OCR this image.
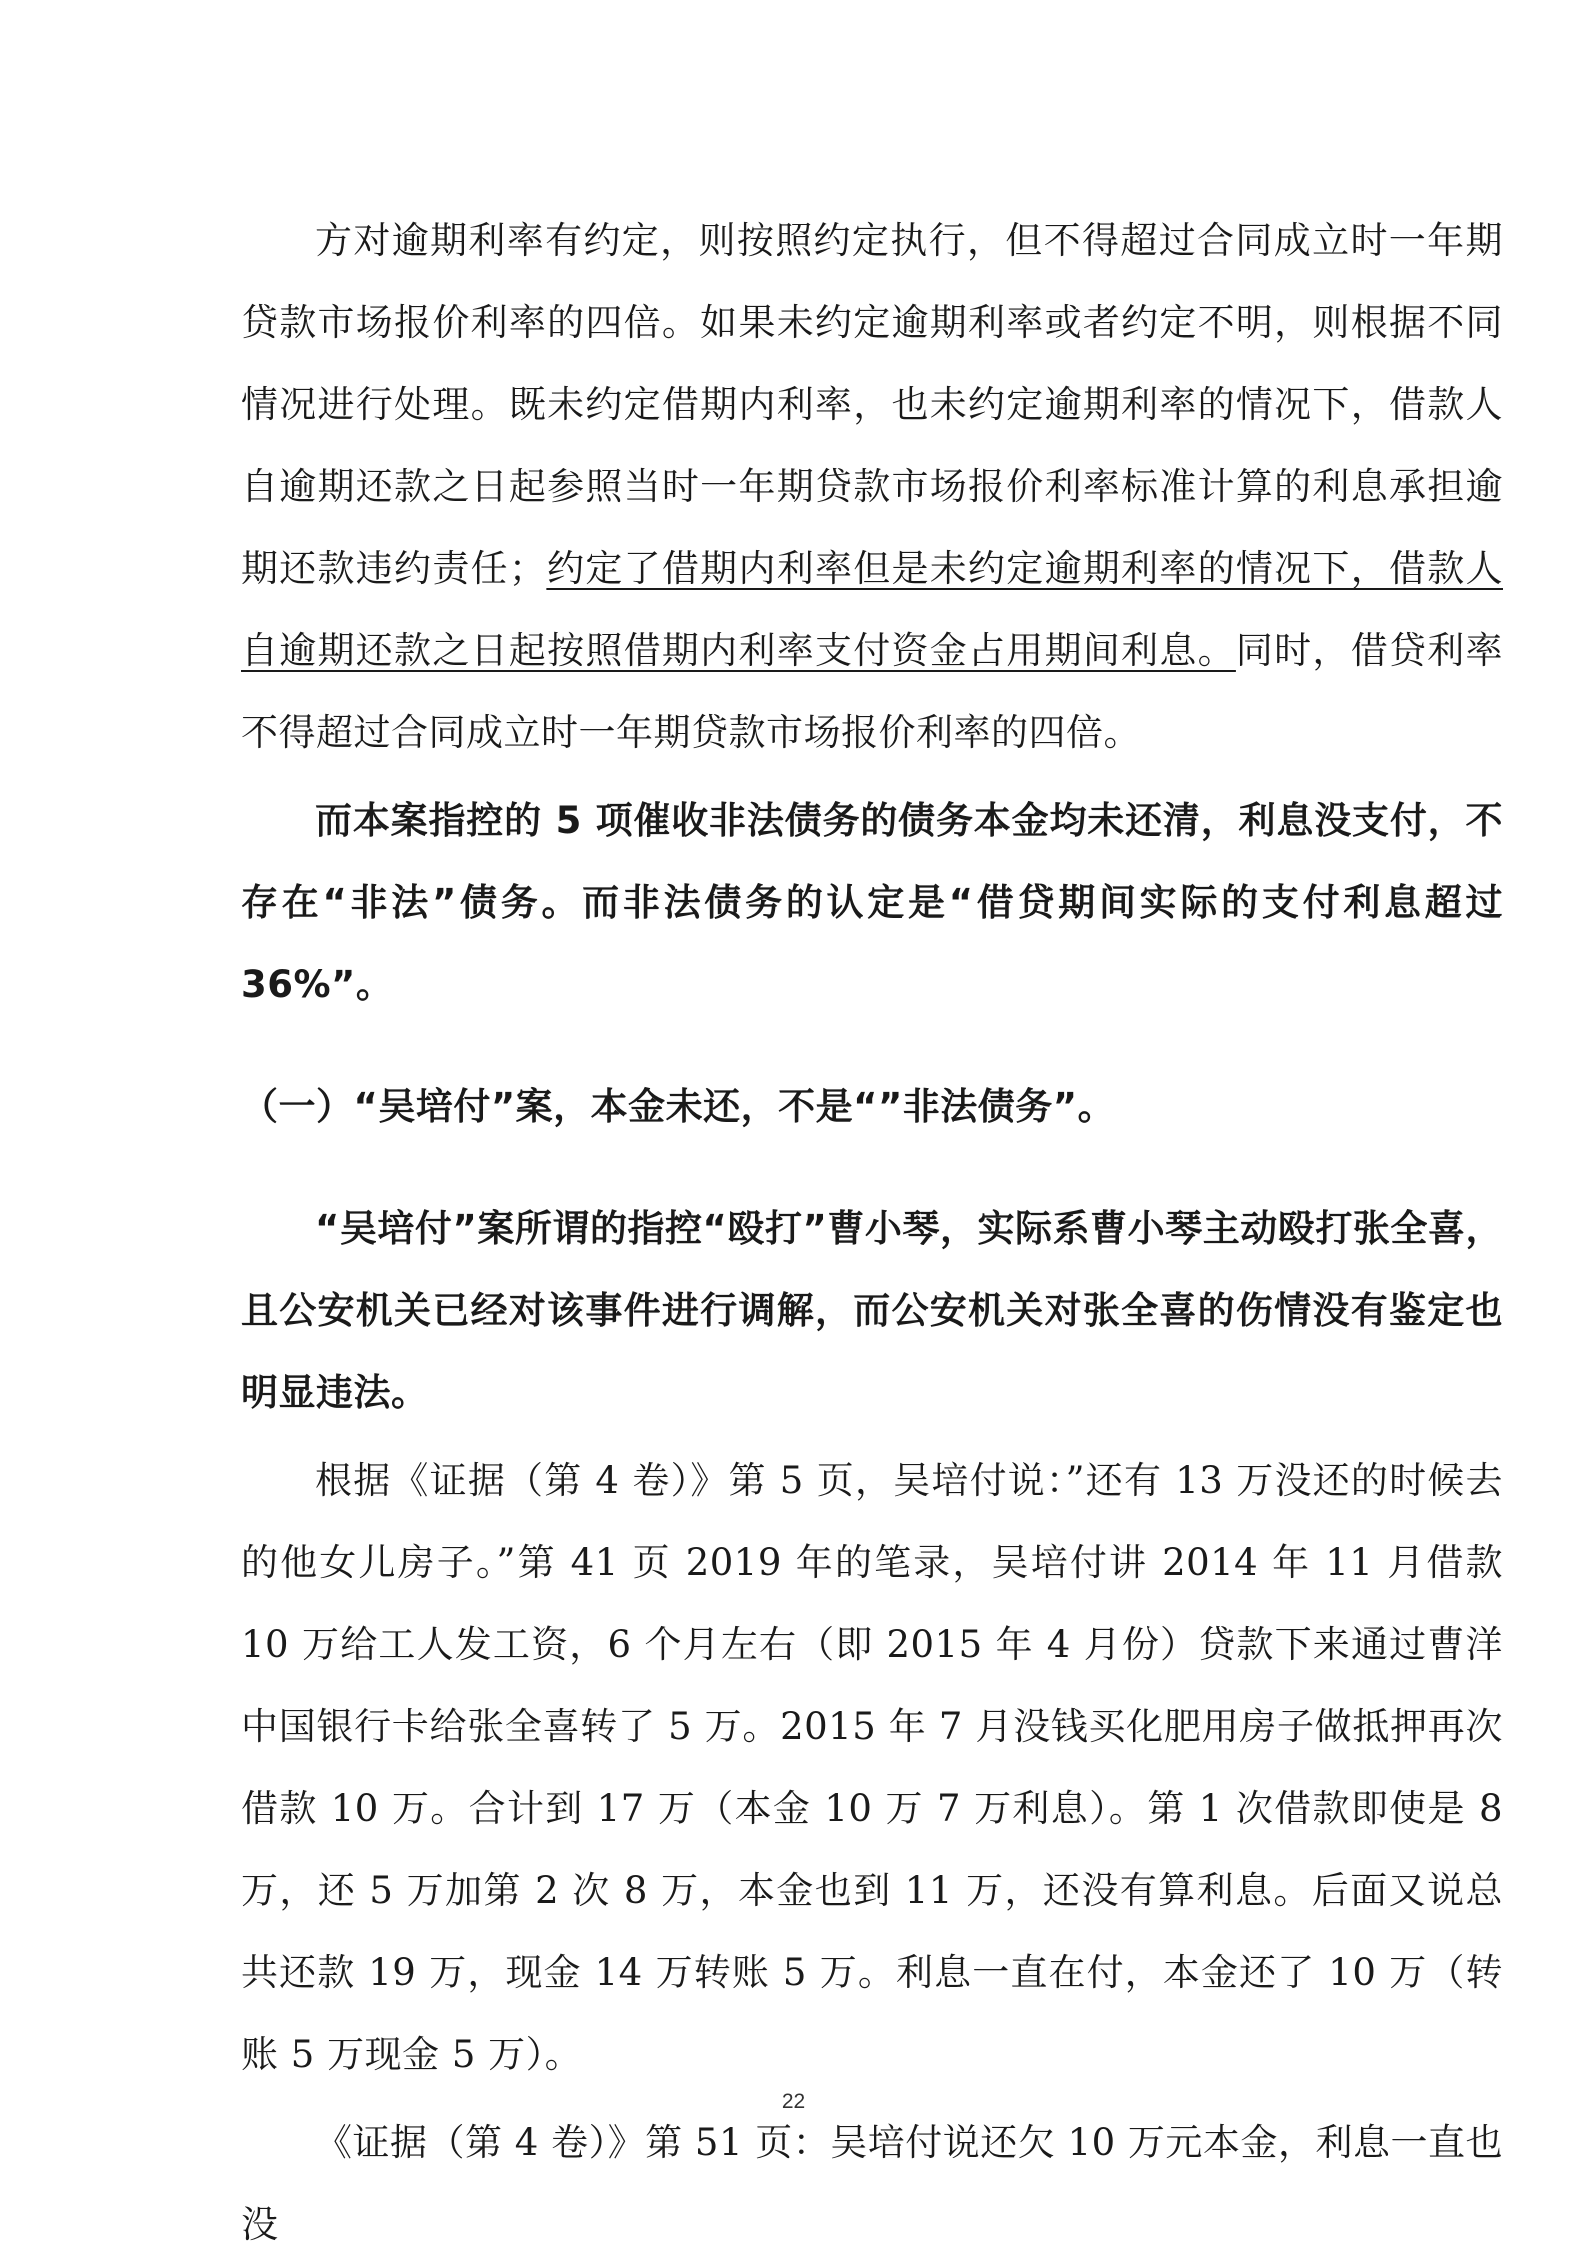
方对逾期利率有约定，则按照约定执行，但不得超过合同成立时一年期贷款市场报价利率的四倍。如果未约定逾期利率或者约定不明，则根据不同情况进行处理。既未约定借期内利率，也未约定逾期利率的情况下，借款人自逾期还款之日起参照当时一年期贷款市场报价利率标准计算的利息承担逾期还款违约责任；约定了借期内利率但是未约定逾期利率的情况下，借款人自逾期还款之日起按照借期内利率支付资金占用期间利息。同时，借贷利率不得超过合同成立时一年期贷款市场报价利率的四倍。

而本案指控的 5 项催收非法债务的债务本金均未还清，利息没支付，不存在“非法”债务。而非法债务的认定是“借贷期间实际的支付利息超过 36%”。

（一）“吴培付”案，本金未还，不是“”非法债务”。

“吴培付”案所谓的指控“殴打”曹小琴，实际系曹小琴主动殴打张全喜，且公安机关已经对该事件进行调解，而公安机关对张全喜的伤情没有鉴定也明显违法。

根据《证据（第 4 卷）》第 5 页，吴培付说：”还有 13 万没还的时候去的他女儿房子。”第 41 页 2019 年的笔录，吴培付讲 2014 年 11 月借款 10 万给工人发工资，6 个月左右（即 2015 年 4 月份）贷款下来通过曹洋中国银行卡给张全喜转了 5 万。2015 年 7 月没钱买化肥用房子做抵押再次借款 10 万。合计到 17 万（本金 10 万 7 万利息）。第 1 次借款即使是 8 万，还 5 万加第 2 次 8 万，本金也到 11 万，还没有算利息。后面又说总共还款 19 万，现金 14 万转账 5 万。利息一直在付，本金还了 10 万（转账 5 万现金 5 万）。

《证据（第 4 卷）》第 51 页：吴培付说还欠 10 万元本金，利息一直也没

22
